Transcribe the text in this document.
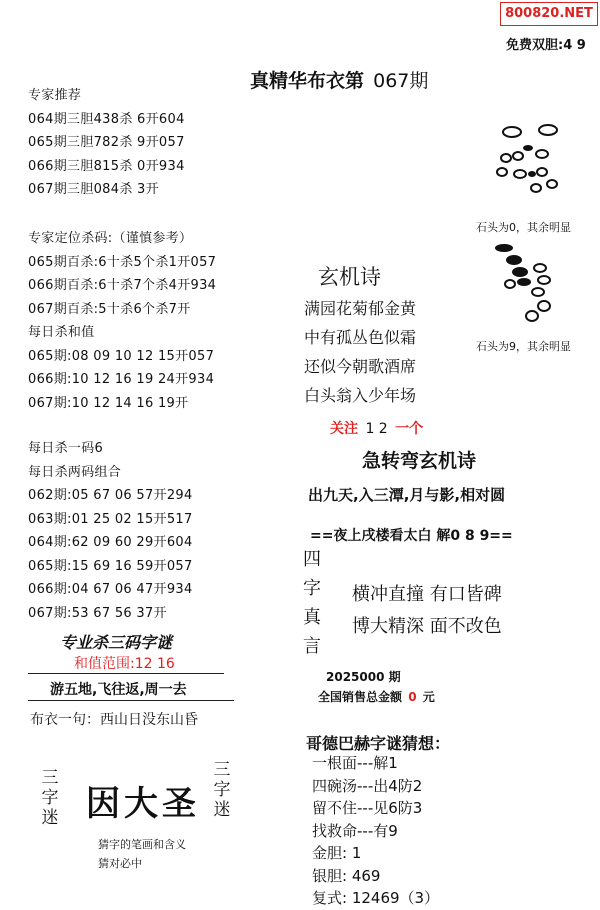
800820.NET
免费双胆:4 9
真精华布衣第 067期
专家推荐
064期三胆438杀 6开604
065期三胆782杀 9开057
066期三胆815杀 0开934
067期三胆084杀 3开
专家定位杀码:（谨慎参考）
065期百杀:6十杀5个杀1开057
066期百杀:6十杀7个杀4开934
067期百杀:5十杀6个杀7开
每日杀和值
065期:08 09 10 12 15开057
066期:10 12 16 19 24开934
067期:10 12 14 16 19开
每日杀一码6
每日杀两码组合
062期:05 67 06 57开294
063期:01 25 02 15开517
064期:62 09 60 29开604
065期:15 69 16 59开057
066期:04 67 06 47开934
067期:53 67 56 37开
专业杀三码字谜
和值范围:12 16
游五地,飞往返,周一去
布衣一句：西山日没东山昏
三
字
迷 因大圣
三
字
迷
猜字的笔画和含义
猜对必中
石头为0，其余明显
石头为9，其余明显
玄机诗
满园花菊郁金黄
中有孤丛色似霜
还似今朝歌酒席
白头翁入少年场
关注 1 2 一个
急转弯玄机诗
出九天,入三潭,月与影,相对圆
==夜上戌楼看太白 解0 8 9==
四
字
真
言
横冲直撞 有口皆碑
博大精深 面不改色
2025000 期
全国销售总金额 0 元
哥德巴赫字谜猜想：
一根面---解1
四碗汤---出4防2
留不住---见6防3
找救命---有9
金胆: 1
银胆: 469
复式: 12469（3）
